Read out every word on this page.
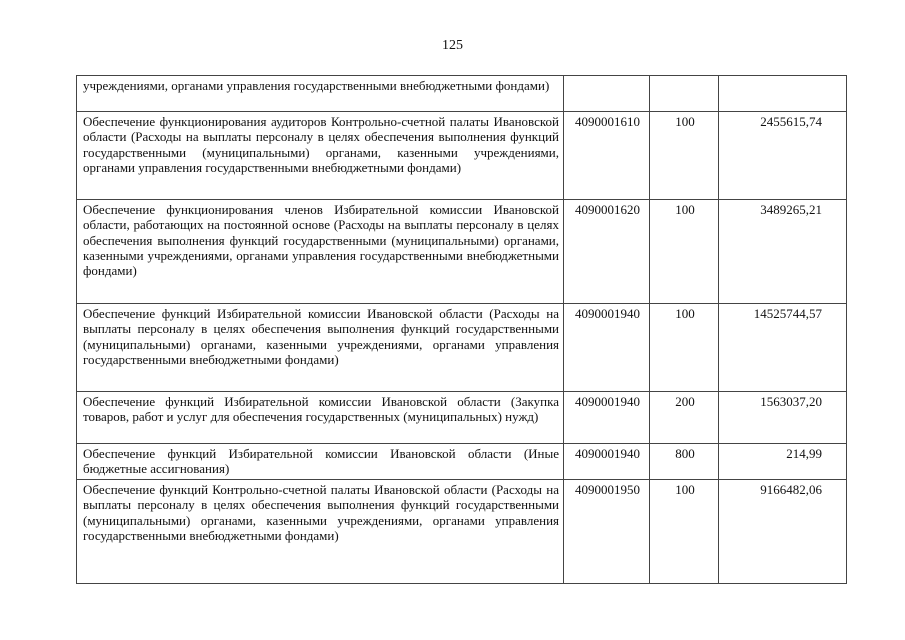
125
учреждениями, органами управления государственными внебюджетными фондами)			
Обеспечение функционирования аудиторов Контрольно-счетной палаты Ивановской области (Расходы на выплаты персоналу в целях обеспечения выполнения функций государственными (муниципальными) органами, казенными учреждениями, органами управления государственными внебюджетными фондами)	4090001610	100	2455615,74
Обеспечение функционирования членов Избирательной комиссии Ивановской области, работающих на постоянной основе (Расходы на выплаты персоналу в целях обеспечения выполнения функций государственными (муниципальными) органами, казенными учреждениями, органами управления государственными внебюджетными фондами)	4090001620	100	3489265,21
Обеспечение функций Избирательной комиссии Ивановской области (Расходы на выплаты персоналу в целях обеспечения выполнения функций государственными (муниципальными) органами, казенными учреждениями, органами управления государственными внебюджетными фондами)	4090001940	100	14525744,57
Обеспечение функций Избирательной комиссии Ивановской области (Закупка товаров, работ и услуг для обеспечения государственных (муниципальных) нужд)	4090001940	200	1563037,20
Обеспечение функций Избирательной комиссии Ивановской области (Иные бюджетные ассигнования)	4090001940	800	214,99
Обеспечение функций Контрольно-счетной палаты Ивановской области (Расходы на выплаты персоналу в целях обеспечения выполнения функций государственными (муниципальными) органами, казенными учреждениями, органами управления государственными внебюджетными фондами)	4090001950	100	9166482,06
